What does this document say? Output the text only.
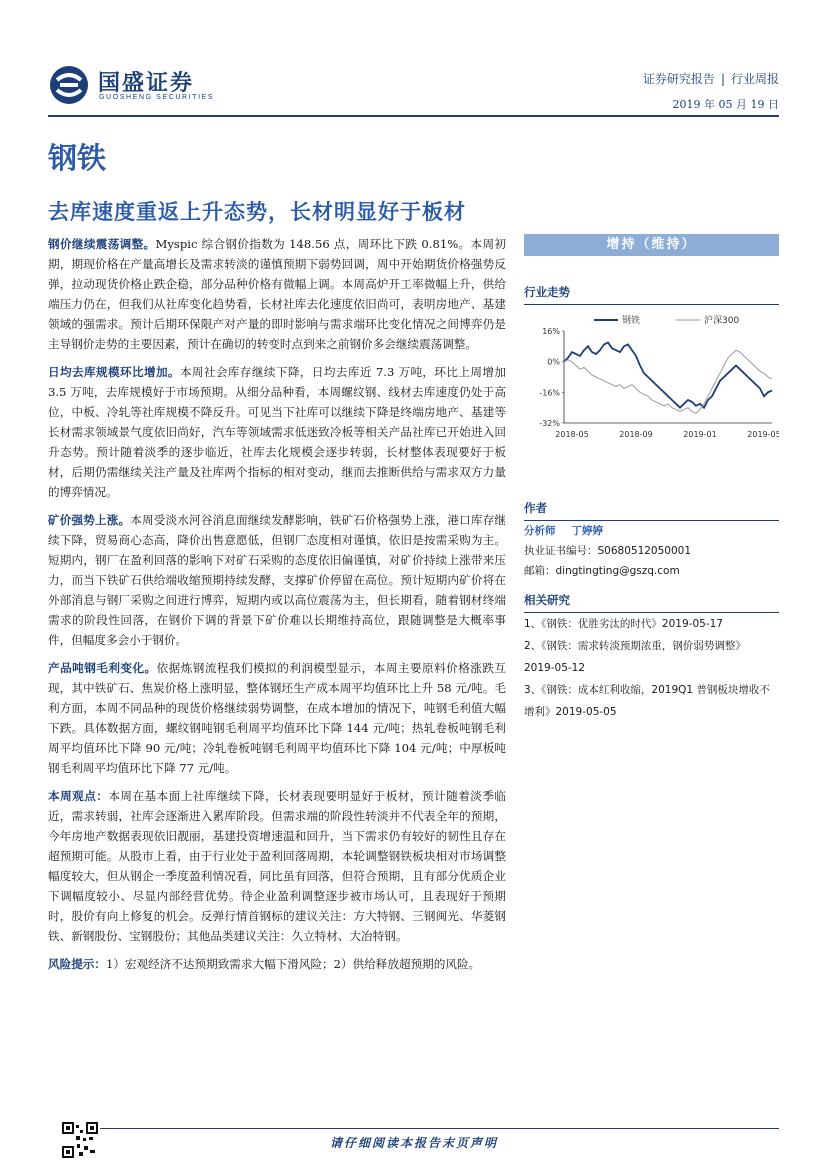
国盛证券
GUOSHENG SECURITIES
证券研究报告 | 行业周报
2019 年 05 月 19 日
钢铁
去库速度重返上升态势，长材明显好于板材

钢价继续震荡调整。Myspic 综合钢价指数为 148.56 点，周环比下跌 0.81%。本周初期，期现价格在产量高增长及需求转淡的谨慎预期下弱势回调，周中开始期货价格强势反弹，拉动现货价格止跌企稳，部分品种价格有微幅上调。本周高炉开工率微幅上升，供给端压力仍在，但我们从社库变化趋势看，长材社库去化速度依旧尚可，表明房地产、基建领域的强需求。预计后期环保限产对产量的即时影响与需求端环比变化情况之间博弈仍是主导钢价走势的主要因素，预计在确切的转变时点到来之前钢价多会继续震荡调整。

日均去库规模环比增加。本周社会库存继续下降，日均去库近 7.3 万吨，环比上周增加 3.5 万吨，去库规模好于市场预期。从细分品种看，本周螺纹钢、线材去库速度仍处于高位，中板、冷轧等社库规模不降反升。可见当下社库可以继续下降是终端房地产、基建等长材需求领域景气度依旧尚好，汽车等领域需求低迷致冷板等相关产品社库已开始进入回升态势。预计随着淡季的逐步临近，社库去化规模会逐步转弱，长材整体表现要好于板材，后期仍需继续关注产量及社库两个指标的相对变动，继而去推断供给与需求双方力量的博弈情况。

矿价强势上涨。本周受淡水河谷消息面继续发酵影响，铁矿石价格强势上涨，港口库存继续下降，贸易商心态高，降价出售意愿低，但钢厂态度相对谨慎，依旧是按需采购为主。短期内，钢厂在盈利回落的影响下对矿石采购的态度依旧偏谨慎，对矿价持续上涨带来压力，而当下铁矿石供给端收缩预期持续发酵，支撑矿价停留在高位。预计短期内矿价将在外部消息与钢厂采购之间进行博弈，短期内或以高位震荡为主，但长期看，随着钢材终端需求的阶段性回落，在钢价下调的背景下矿价难以长期维持高位，跟随调整是大概率事件，但幅度多会小于钢价。

产品吨钢毛利变化。依据炼钢流程我们模拟的利润模型显示，本周主要原料价格涨跌互现，其中铁矿石、焦炭价格上涨明显，整体钢坯生产成本周平均值环比上升 58 元/吨。毛利方面，本周不同品种的现货价格继续弱势调整，在成本增加的情况下，吨钢毛利值大幅下跌。具体数据方面，螺纹钢吨钢毛利周平均值环比下降 144 元/吨；热轧卷板吨钢毛利周平均值环比下降 90 元/吨；冷轧卷板吨钢毛利周平均值环比下降 104 元/吨；中厚板吨钢毛利周平均值环比下降 77 元/吨。

本周观点：本周在基本面上社库继续下降，长材表现要明显好于板材，预计随着淡季临近，需求转弱，社库会逐渐进入累库阶段。但需求端的阶段性转淡并不代表全年的预期，今年房地产数据表现依旧靓丽，基建投资增速温和回升，当下需求仍有较好的韧性且存在超预期可能。从股市上看，由于行业处于盈利回落周期，本轮调整钢铁板块相对市场调整幅度较大，但从钢企一季度盈利情况看，同比虽有回落，但符合预期，且有部分优质企业下调幅度较小、尽显内部经营优势。待企业盈利调整逐步被市场认可，且表现好于预期时，股价有向上修复的机会。反弹行情首钢标的建议关注：方大特钢、三钢闽光、华菱钢铁、新钢股份、宝钢股份；其他品类建议关注：久立特材、大冶特钢。

风险提示：1）宏观经济不达预期致需求大幅下滑风险；2）供给释放超预期的风险。

增持（维持）
行业走势
16%
0%
-16%
-32%
2018-05	2018-09	2019-01	2019-05
钢铁	沪深300
作者
分析师 丁婷婷
执业证书编号：S0680512050001
邮箱：dingtingting@gszq.com
相关研究
1、《钢铁：优胜劣汰的时代》2019-05-17
2、《钢铁：需求转淡预期浓重，钢价弱势调整》
2019-05-12
3、《钢铁：成本红利收缩，2019Q1 普钢板块增收不增利》2019-05-05
请仔细阅读本报告末页声明
